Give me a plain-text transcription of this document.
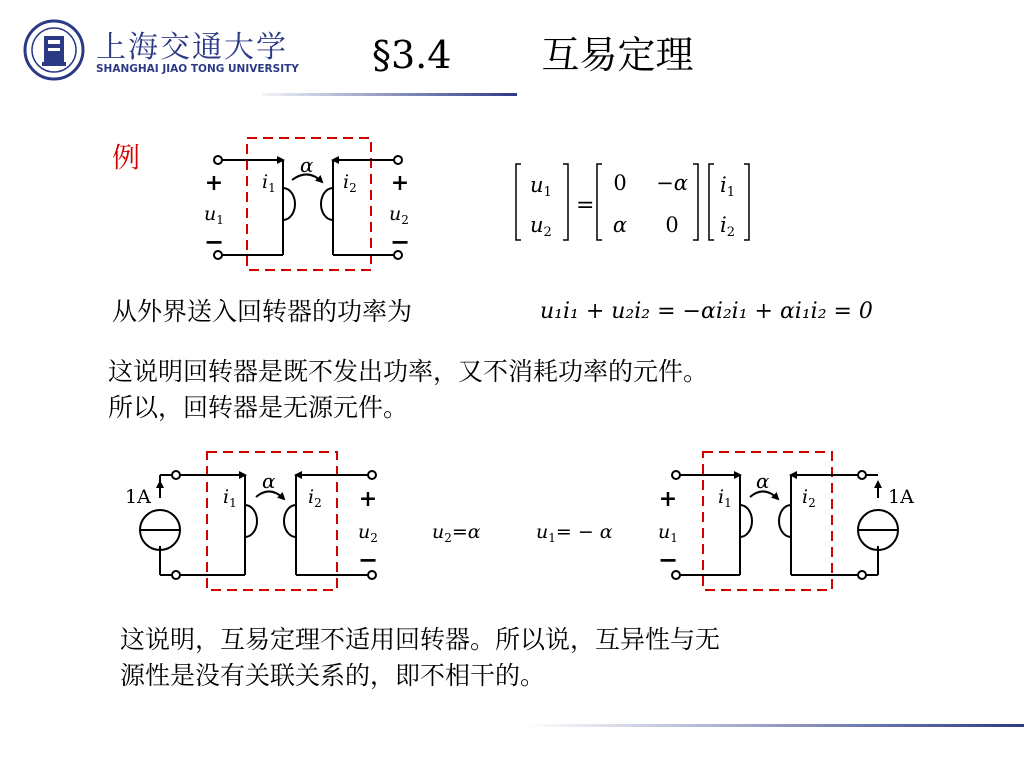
上海交通大学
SHANGHAI JIAO TONG UNIVERSITY §3.4 互易定理
例
+
−
+
−
$u_1$	$u_2$
$i_1$	$i_2$
α
u1
u2
=
0 −α
α 0
i1
i2
u₁i₁ + u₂i₂ = −αi₂i₁ + αi₁i₂ = 0
1A	$i_1$	$i_2$
α
+
−
$u_2$	$u_2=\alpha$	$u_1= - \alpha$
1A
$i_1$	$i_2$
α
+
−
$u_1$
从外界送入回转器的功率为
这说明回转器是既不发出功率，又不消耗功率的元件。
所以，回转器是无源元件。
这说明，互易定理不适用回转器。所以说，互异性与无
源性是没有关联关系的，即不相干的。
